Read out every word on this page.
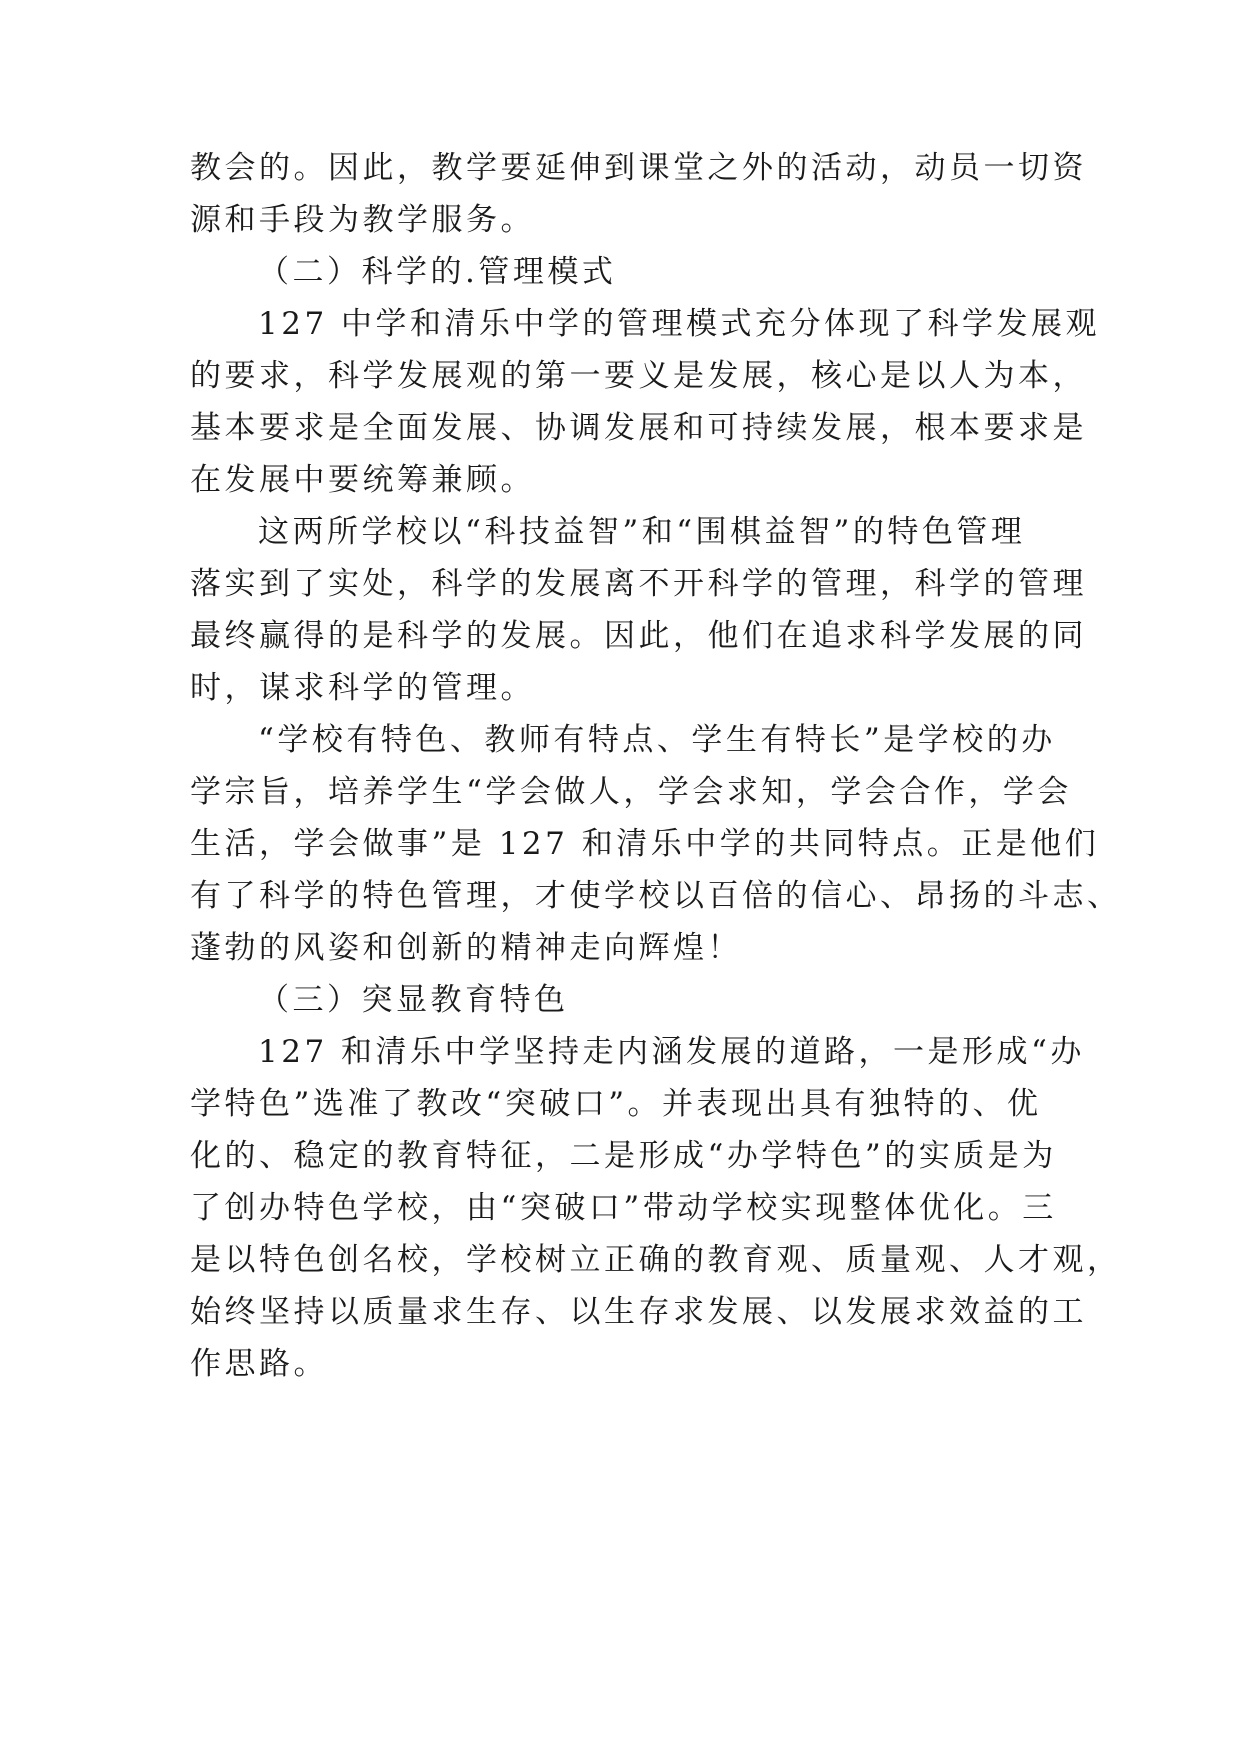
教会的。因此，教学要延伸到课堂之外的活动，动员一切资

源和手段为教学服务。

（二）科学的.管理模式

127 中学和清乐中学的管理模式充分体现了科学发展观

的要求，科学发展观的第一要义是发展，核心是以人为本，

基本要求是全面发展、协调发展和可持续发展，根本要求是

在发展中要统筹兼顾。

这两所学校以“科技益智”和“围棋益智”的特色管理

落实到了实处，科学的发展离不开科学的管理，科学的管理

最终赢得的是科学的发展。因此，他们在追求科学发展的同

时，谋求科学的管理。

“学校有特色、教师有特点、学生有特长”是学校的办

学宗旨，培养学生“学会做人，学会求知，学会合作，学会

生活，学会做事”是 127 和清乐中学的共同特点。正是他们

有了科学的特色管理，才使学校以百倍的信心、昂扬的斗志、

蓬勃的风姿和创新的精神走向辉煌！

（三）突显教育特色

127 和清乐中学坚持走内涵发展的道路，一是形成“办

学特色”选准了教改“突破口”。并表现出具有独特的、优

化的、稳定的教育特征，二是形成“办学特色”的实质是为

了创办特色学校，由“突破口”带动学校实现整体优化。三

是以特色创名校，学校树立正确的教育观、质量观、人才观，

始终坚持以质量求生存、以生存求发展、以发展求效益的工

作思路。
